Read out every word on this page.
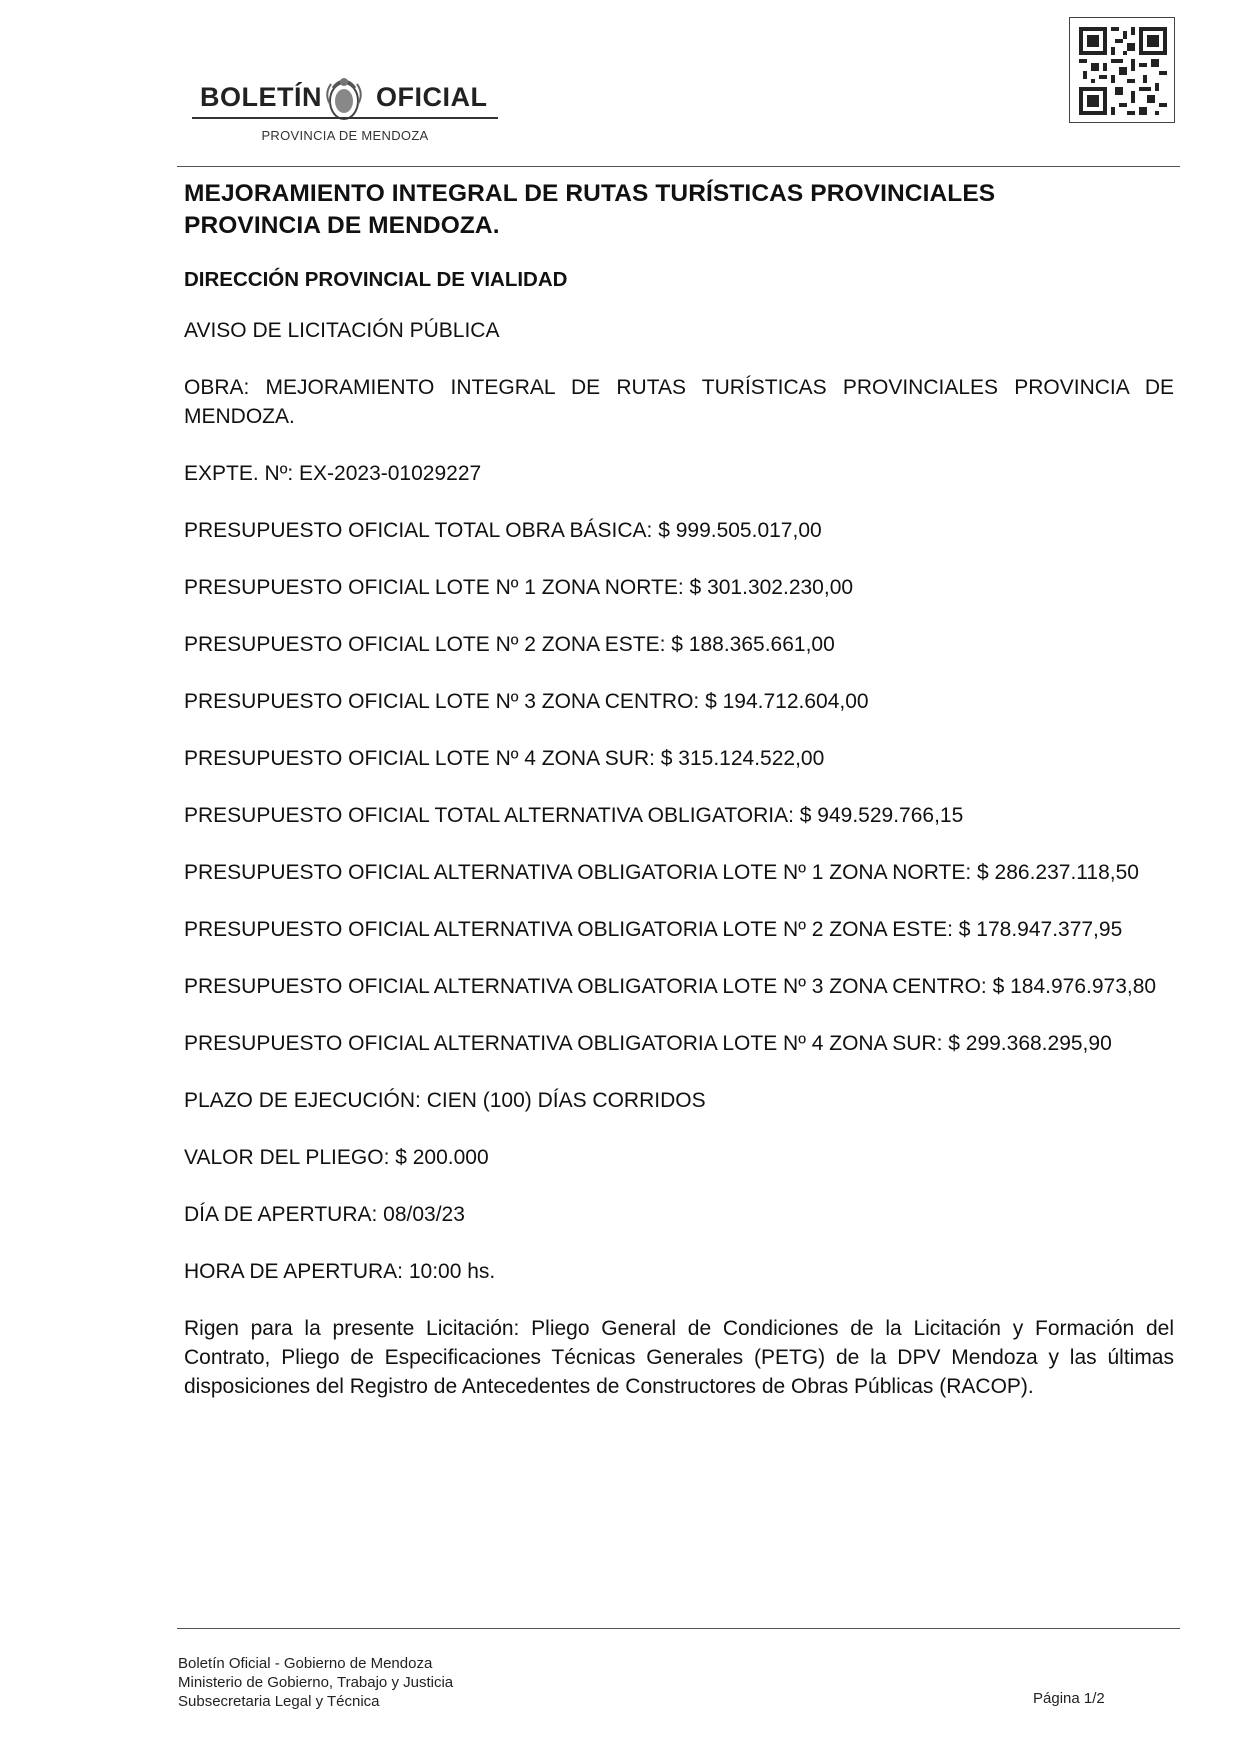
BOLETÍN OFICIAL
PROVINCIA DE MENDOZA
MEJORAMIENTO INTEGRAL DE RUTAS TURÍSTICAS PROVINCIALES
PROVINCIA DE MENDOZA.
DIRECCIÓN PROVINCIAL DE VIALIDAD
AVISO DE LICITACIÓN PÚBLICA
OBRA: MEJORAMIENTO INTEGRAL DE RUTAS TURÍSTICAS PROVINCIALES PROVINCIA DE MENDOZA.
EXPTE. Nº: EX-2023-01029227
PRESUPUESTO OFICIAL TOTAL OBRA BÁSICA: $ 999.505.017,00
PRESUPUESTO OFICIAL LOTE Nº 1 ZONA NORTE: $ 301.302.230,00
PRESUPUESTO OFICIAL LOTE Nº 2 ZONA ESTE: $ 188.365.661,00
PRESUPUESTO OFICIAL LOTE Nº 3 ZONA CENTRO: $ 194.712.604,00
PRESUPUESTO OFICIAL LOTE Nº 4 ZONA SUR: $ 315.124.522,00
PRESUPUESTO OFICIAL TOTAL ALTERNATIVA OBLIGATORIA: $ 949.529.766,15
PRESUPUESTO OFICIAL ALTERNATIVA OBLIGATORIA LOTE Nº 1 ZONA NORTE: $ 286.237.118,50
PRESUPUESTO OFICIAL ALTERNATIVA OBLIGATORIA LOTE Nº 2 ZONA ESTE: $ 178.947.377,95
PRESUPUESTO OFICIAL ALTERNATIVA OBLIGATORIA LOTE Nº 3 ZONA CENTRO: $ 184.976.973,80
PRESUPUESTO OFICIAL ALTERNATIVA OBLIGATORIA LOTE Nº 4 ZONA SUR: $ 299.368.295,90
PLAZO DE EJECUCIÓN: CIEN (100) DÍAS CORRIDOS
VALOR DEL PLIEGO: $ 200.000
DÍA DE APERTURA: 08/03/23
HORA DE APERTURA: 10:00 hs.
Rigen para la presente Licitación: Pliego General de Condiciones de la Licitación y Formación del Contrato, Pliego de Especificaciones Técnicas Generales (PETG) de la DPV Mendoza y las últimas disposiciones del Registro de Antecedentes de Constructores de Obras Públicas (RACOP).
Boletín Oficial - Gobierno de Mendoza
Ministerio de Gobierno, Trabajo y Justicia
Subsecretaria Legal y Técnica	Página 1/2
